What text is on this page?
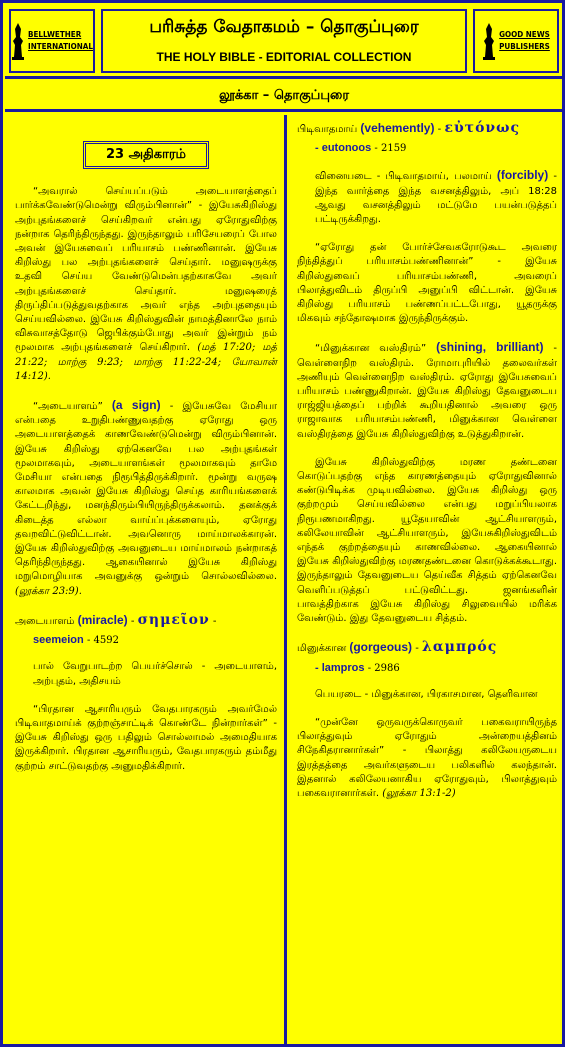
BELLWETHER
INTERNATIONAL
பரிசுத்த வேதாகமம் – தொகுப்புரை
THE HOLY BIBLE - EDITORIAL COLLECTION
GOOD NEWS
PUBLISHERS
லூக்கா – தொகுப்புரை
23 அதிகாரம்

“அவரால் செய்யப்படும் அடையாளத்தைப் பார்க்கவேண்டுமென்று விரும்பினான்” - இயேசுகிறிஸ்து அற்புதங்களைச் செய்கிறவர் என்பது ஏரோதுவிற்கு நன்றாக தெரிந்திருந்தது. இருந்தாலும் பரிசேயரைப் போல அவன் இயேசுவைப் பரியாசம் பண்ணினான். இயேசு கிறிஸ்து பல அற்புதங்களைச் செய்தார். மனுஷருக்கு உதவி செய்ய வேண்டுமென்பதற்காகவே அவர் அற்புதங்களைச் செய்தார். மனுஷரைத் திருப்திப்படுத்துவதற்காக அவர் எந்த அற்புததையும் செய்யவில்லை. இயேசு கிறிஸ்துவின் நாமத்தினாலே நாம் விசுவாசத்தோடு ஜெபிக்கும்போது அவர் இன்றும் நம் மூலமாக அற்புதங்களைச் செய்கிறார். (மத் 17:20; மத் 21:22; மாற்கு 9:23; மாற்கு 11:22-24; யோவான் 14:12).

“அடையாளம்” (a sign) - இயேசுவே மேசியா என்பதை உறுதிபண்ணுவதற்கு ஏரோது ஒரு அடையாளத்தைக் காணவேண்டுமென்று விரும்பினான். இயேசு கிறிஸ்து ஏற்கெனவே பல அற்புதங்கள் மூலமாகவும், அடையாளங்கள் மூலமாகவும் தாமே மேசியா என்பதை நிரூபித்திருக்கிறார். மூன்று வருஷ காலமாக அவன் இயேசு கிறிஸ்து செய்த காரியங்களைக் கேட்டறிந்து, மனந்திரும்பியிருந்திருக்கலாம். தனக்குக் கிடைத்த எல்லா வாய்ப்புக்களையும், ஏரோது தவறவிட்டுவிட்டான். அவனொரு மாய்மாலக்காரன். இயேசு கிறிஸ்துவிற்கு அவனுடைய மாய்மாலம் நன்றாகத் தெரிந்திருந்தது. ஆகையினால் இயேசு கிறிஸ்து மறுமொழியாக அவனுக்கு ஒன்றும் சொல்லவில்லை. (லூக்கா 23:9).

அடையாளம் (miracle) - σημεῖον -

seemeion - 4592

பால் வேறுபாடற்ற பெயர்ச்சொல் - அடையாளம், அற்புதம், அதிசயம்

“பிரதான ஆசாரியரும் வேதபாரகரும் அவர்மேல் பிடிவாதமாய்க் குற்றஞ்சாட்டிக் கொண்டே நின்றார்கள்” - இயேசு கிறிஸ்து ஒரு பதிலும் சொல்லாமல் அமைதியாக இருக்கிறார். பிரதான ஆசாரியரும், வேதபாரகரும் தம்மீது குற்றம் சாட்டுவதற்கு அனுமதிக்கிறார்.

பிடிவாதமாய் (vehemently) - εὐτόνως

- eutonoos - 2159

வினையடை - பிடிவாதமாய், பலமாய் (forcibly) - இந்த வார்த்தை இந்த வசனத்திலும், அப் 18:28 ஆவது வசனத்திலும் மட்டுமே பயன்படுத்தப் பட்டிருக்கிறது.

“ஏரோது தன் போர்ச்சேவகரோடுகூட அவரை நிந்தித்துப் பரியாசம்பண்ணினான்” - இயேசு கிறிஸ்துவைப் பரியாசம்பண்ணி, அவரைப் பிலாத்துவிடம் திருப்பி அனுப்பி விட்டான். இயேசு கிறிஸ்து பரியாசம் பண்ணப்பட்டபோது, யூதருக்கு மிகவும் சந்தோஷமாக இருந்திருக்கும்.

“மினுக்கான வஸ்திரம்” (shining, brilliant) - வெள்ளைநிற வஸ்திரம். ரோமாபுரியில் தலைவர்கள் அணியும் வெள்ளைநிற வஸ்திரம். ஏரோது இயேசுவைப் பரியாசம் பண்ணுகிறான். இயேசு கிறிஸ்து தேவனுடைய ராஜ்ஜியத்தைப் பற்றிக் கூறியதினால் அவரை ஒரு ராஜாவாக பரியாசம்பண்ணி, மினுக்கான வெள்ளை வஸ்திரத்தை இயேசு கிறிஸ்துவிற்கு உடுத்துகிறான்.

இயேசு கிறிஸ்துவிற்கு மரண தண்டனை கொடுப்பதற்கு எந்த காரணத்தையும் ஏரோதுவினால் கண்டுபிடிக்க முடியவில்லை. இயேசு கிறிஸ்து ஒரு குற்றமும் செய்யவில்லை என்பது மறுப்பியலாக நிரூபணமாகிறது. யூதேயாவின் ஆட்சியாளரும், கலிலேயாவின் ஆட்சியாளரும், இயேசுகிறிஸ்துவிடம் எந்தக் குற்றத்தையும் காணவில்லை. ஆகையினால் இயேசு கிறிஸ்துவிற்கு மரணதண்டனை கொடுக்கக்கூடாது. இருந்தாலும் தேவனுடைய தெய்வீக சித்தம் ஏற்கெனவே வெளிப்படுத்தப் பட்டுவிட்டது. ஜனங்களின் பாவத்திற்காக இயேசு கிறிஸ்து சிலுவையில் மரிக்க வேண்டும். இது தேவனுடைய சித்தம்.

மினுக்கான (gorgeous) - λαμπρός

- lampros - 2986

பெயரடை - மினுக்கான, பிரகாசமான, தெளிவான

“முன்னே ஒருவருக்கொருவர் பகைவராயிருந்த பிலாத்துவும் ஏரோதும் அன்றையத்தினம் சிநேகிதரானார்கள்” - பிலாத்து கலிலேயருடைய இரத்தத்தை அவர்களுடைய பலிகளில் கலந்தான். இதனால் கலிலேயனாகிய ஏரோதுவும், பிலாத்துவும் பகைவரானார்கள். (லூக்கா 13:1-2)
